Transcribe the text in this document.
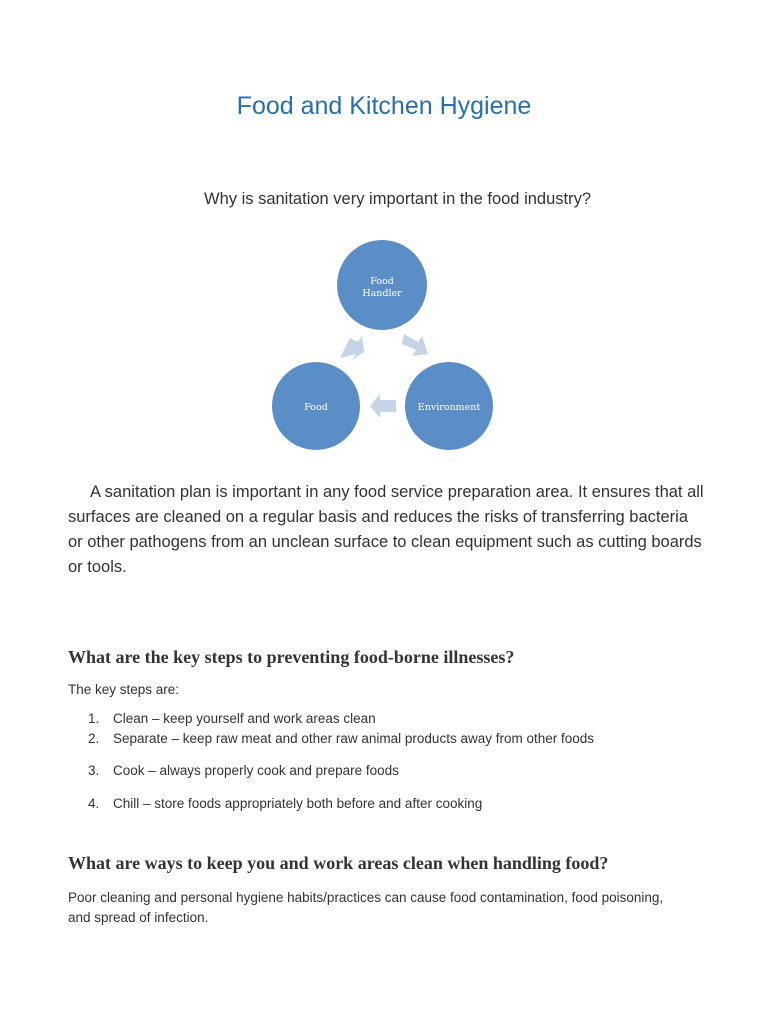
Food and Kitchen Hygiene

Why is sanitation very important in the food industry?

Food
Handler
Food	Environment

A sanitation plan is important in any food service preparation area. It ensures that all surfaces are cleaned on a regular basis and reduces the risks of transferring bacteria or other pathogens from an unclean surface to clean equipment such as cutting boards or tools.

What are the key steps to preventing food-borne illnesses?

The key steps are:

1. Clean – keep yourself and work areas clean

2. Separate – keep raw meat and other raw animal products away from other foods

3. Cook – always properly cook and prepare foods

4. Chill – store foods appropriately both before and after cooking

What are ways to keep you and work areas clean when handling food?

Poor cleaning and personal hygiene habits/practices can cause food contamination, food poisoning, and spread of infection.
